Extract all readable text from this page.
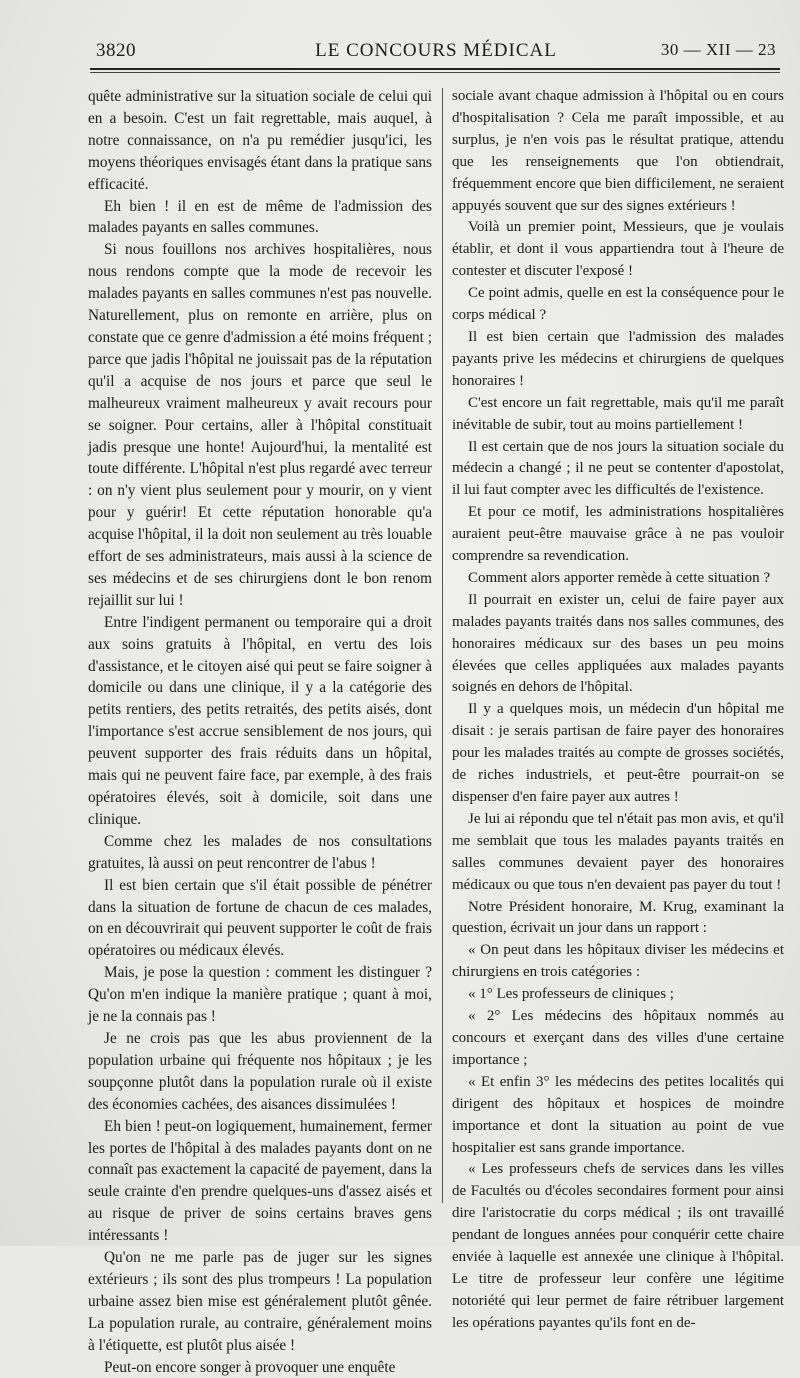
3820	LE CONCOURS MÉDICAL	30 — XII — 23

quête administrative sur la situation sociale de celui qui en a besoin. C'est un fait regrettable, mais auquel, à notre connaissance, on n'a pu remédier jusqu'ici, les moyens théoriques envisagés étant dans la pratique sans efficacité.

Eh bien ! il en est de même de l'admission des malades payants en salles communes.

Si nous fouillons nos archives hospitalières, nous nous rendons compte que la mode de recevoir les malades payants en salles communes n'est pas nouvelle. Naturellement, plus on remonte en arrière, plus on constate que ce genre d'admission a été moins fréquent ; parce que jadis l'hôpital ne jouissait pas de la réputation qu'il a acquise de nos jours et parce que seul le malheureux vraiment malheureux y avait recours pour se soigner. Pour certains, aller à l'hôpital constituait jadis presque une honte! Aujourd'hui, la mentalité est toute différente. L'hôpital n'est plus regardé avec terreur : on n'y vient plus seulement pour y mourir, on y vient pour y guérir! Et cette réputation honorable qu'a acquise l'hôpital, il la doit non seulement au très louable effort de ses administrateurs, mais aussi à la science de ses médecins et de ses chirurgiens dont le bon renom rejaillit sur lui !

Entre l'indigent permanent ou temporaire qui a droit aux soins gratuits à l'hôpital, en vertu des lois d'assistance, et le citoyen aisé qui peut se faire soigner à domicile ou dans une clinique, il y a la catégorie des petits rentiers, des petits retraités, des petits aisés, dont l'importance s'est accrue sensiblement de nos jours, qui peuvent supporter des frais réduits dans un hôpital, mais qui ne peuvent faire face, par exemple, à des frais opératoires élevés, soit à domicile, soit dans une clinique.

Comme chez les malades de nos consultations gratuites, là aussi on peut rencontrer de l'abus !

Il est bien certain que s'il était possible de pénétrer dans la situation de fortune de chacun de ces malades, on en découvrirait qui peuvent supporter le coût de frais opératoires ou médicaux élevés.

Mais, je pose la question : comment les distinguer ? Qu'on m'en indique la manière pratique ; quant à moi, je ne la connais pas !

Je ne crois pas que les abus proviennent de la population urbaine qui fréquente nos hôpitaux ; je les soupçonne plutôt dans la population rurale où il existe des économies cachées, des aisances dissimulées !

Eh bien ! peut-on logiquement, humainement, fermer les portes de l'hôpital à des malades payants dont on ne connaît pas exactement la capacité de payement, dans la seule crainte d'en prendre quelques-uns d'assez aisés et au risque de priver de soins certains braves gens intéressants !

Qu'on ne me parle pas de juger sur les signes extérieurs ; ils sont des plus trompeurs ! La population urbaine assez bien mise est généralement plutôt gênée. La population rurale, au contraire, généralement moins à l'étiquette, est plutôt plus aisée !

Peut-on encore songer à provoquer une enquête

sociale avant chaque admission à l'hôpital ou en cours d'hospitalisation ? Cela me paraît impossible, et au surplus, je n'en vois pas le résultat pratique, attendu que les renseignements que l'on obtiendrait, fréquemment encore que bien difficilement, ne seraient appuyés souvent que sur des signes extérieurs !

Voilà un premier point, Messieurs, que je voulais établir, et dont il vous appartiendra tout à l'heure de contester et discuter l'exposé !

Ce point admis, quelle en est la conséquence pour le corps médical ?

Il est bien certain que l'admission des malades payants prive les médecins et chirurgiens de quelques honoraires !

C'est encore un fait regrettable, mais qu'il me paraît inévitable de subir, tout au moins partiellement !

Il est certain que de nos jours la situation sociale du médecin a changé ; il ne peut se contenter d'apostolat, il lui faut compter avec les difficultés de l'existence.

Et pour ce motif, les administrations hospitalières auraient peut-être mauvaise grâce à ne pas vouloir comprendre sa revendication.

Comment alors apporter remède à cette situation ?

Il pourrait en exister un, celui de faire payer aux malades payants traités dans nos salles communes, des honoraires médicaux sur des bases un peu moins élevées que celles appliquées aux malades payants soignés en dehors de l'hôpital.

Il y a quelques mois, un médecin d'un hôpital me disait : je serais partisan de faire payer des honoraires pour les malades traités au compte de grosses sociétés, de riches industriels, et peut-être pourrait-on se dispenser d'en faire payer aux autres !

Je lui ai répondu que tel n'était pas mon avis, et qu'il me semblait que tous les malades payants traités en salles communes devaient payer des honoraires médicaux ou que tous n'en devaient pas payer du tout !

Notre Président honoraire, M. Krug, examinant la question, écrivait un jour dans un rapport :

« On peut dans les hôpitaux diviser les médecins et chirurgiens en trois catégories :

« 1° Les professeurs de cliniques ;

« 2° Les médecins des hôpitaux nommés au concours et exerçant dans des villes d'une certaine importance ;

« Et enfin 3° les médecins des petites localités qui dirigent des hôpitaux et hospices de moindre importance et dont la situation au point de vue hospitalier est sans grande importance.

« Les professeurs chefs de services dans les villes de Facultés ou d'écoles secondaires forment pour ainsi dire l'aristocratie du corps médical ; ils ont travaillé pendant de longues années pour conquérir cette chaire enviée à laquelle est annexée une clinique à l'hôpital. Le titre de professeur leur confère une légitime notoriété qui leur permet de faire rétribuer largement les opérations payantes qu'ils font en de-
